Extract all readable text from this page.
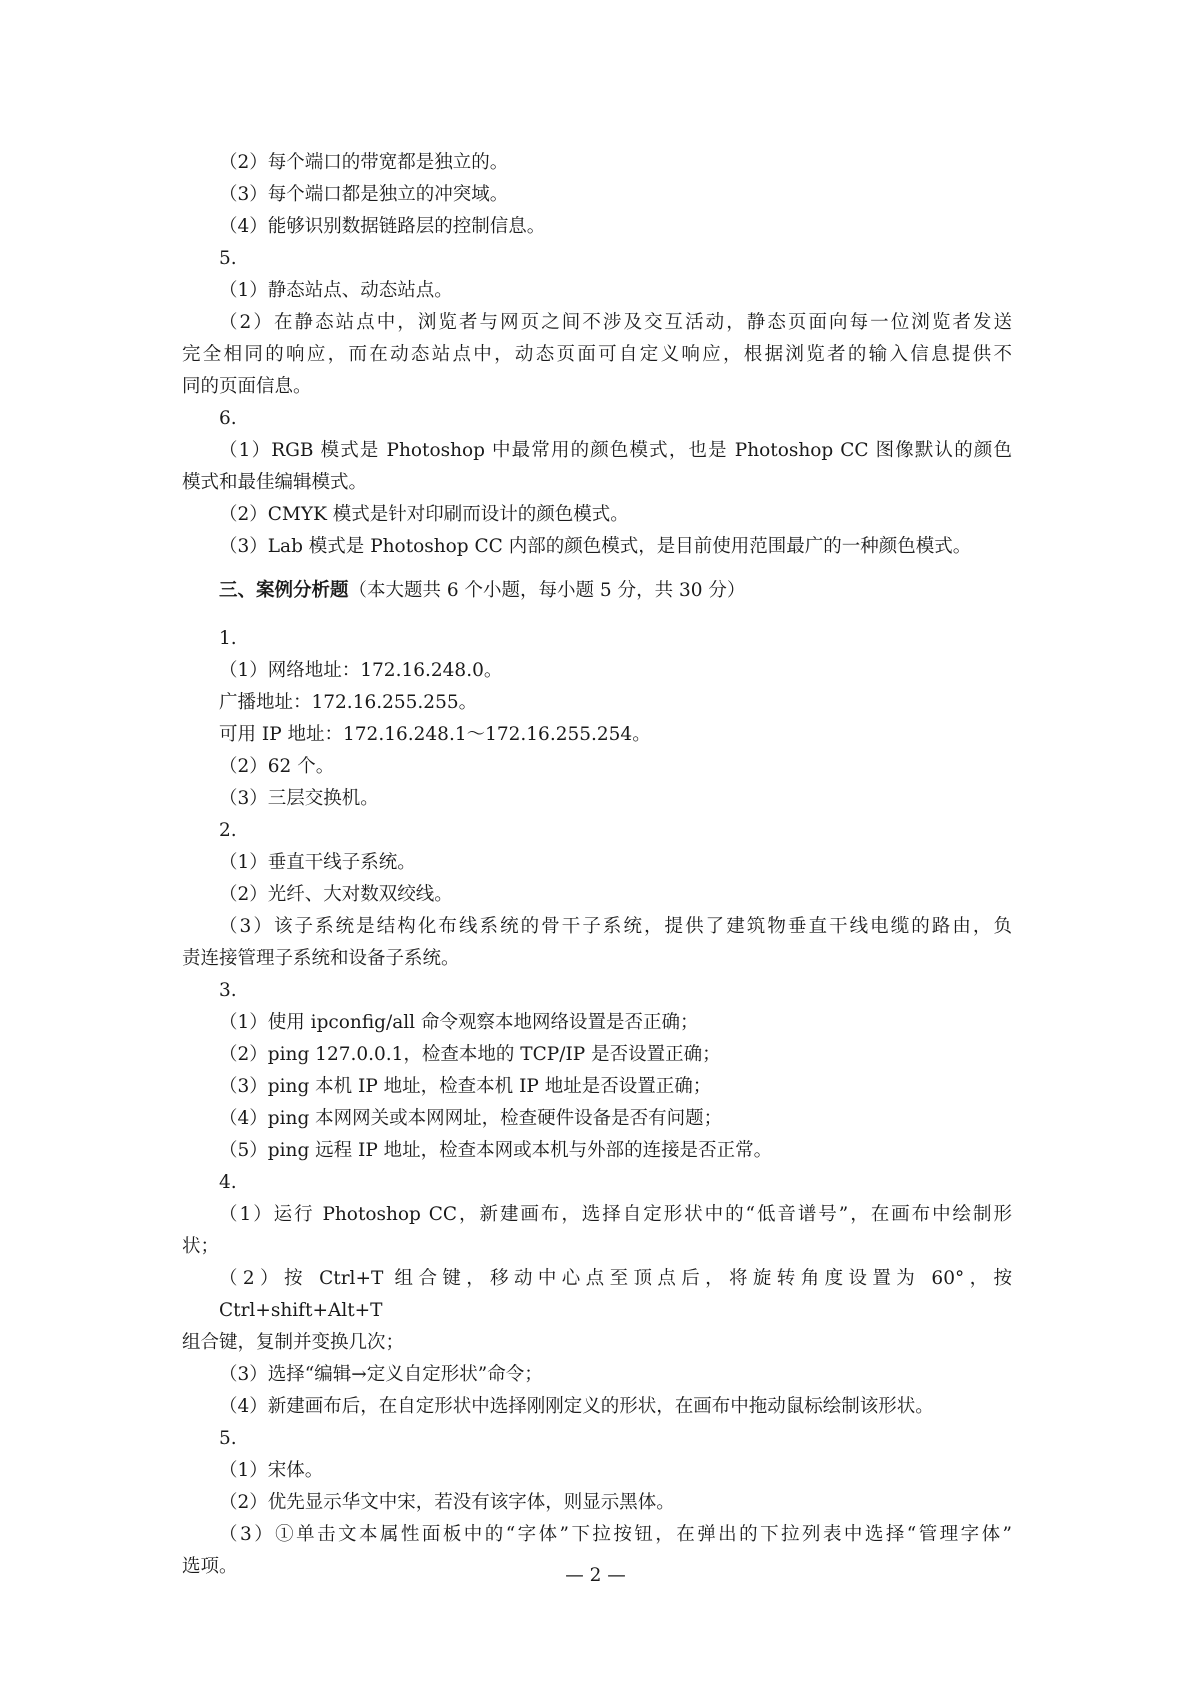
（2）每个端口的带宽都是独立的。

（3）每个端口都是独立的冲突域。

（4）能够识别数据链路层的控制信息。

5.

（1）静态站点、动态站点。

（2）在静态站点中，浏览者与网页之间不涉及交互活动，静态页面向每一位浏览者发送

完全相同的响应，而在动态站点中，动态页面可自定义响应，根据浏览者的输入信息提供不

同的页面信息。

6.

（1）RGB 模式是 Photoshop 中最常用的颜色模式，也是 Photoshop CC 图像默认的颜色

模式和最佳编辑模式。

（2）CMYK 模式是针对印刷而设计的颜色模式。

（3）Lab 模式是 Photoshop CC 内部的颜色模式，是目前使用范围最广的一种颜色模式。

三、案例分析题（本大题共 6 个小题，每小题 5 分，共 30 分）

1.

（1）网络地址：172.16.248.0。

广播地址：172.16.255.255。

可用 IP 地址：172.16.248.1～172.16.255.254。

（2）62 个。

（3）三层交换机。

2.

（1）垂直干线子系统。

（2）光纤、大对数双绞线。

（3）该子系统是结构化布线系统的骨干子系统，提供了建筑物垂直干线电缆的路由，负

责连接管理子系统和设备子系统。

3.

（1）使用 ipconfig/all 命令观察本地网络设置是否正确；

（2）ping 127.0.0.1，检查本地的 TCP/IP 是否设置正确；

（3）ping 本机 IP 地址，检查本机 IP 地址是否设置正确；

（4）ping 本网网关或本网网址，检查硬件设备是否有问题；

（5）ping 远程 IP 地址，检查本网或本机与外部的连接是否正常。

4.

（1）运行 Photoshop CC，新建画布，选择自定形状中的“低音谱号”，在画布中绘制形

状；

（2）按 Ctrl+T 组合键，移动中心点至顶点后，将旋转角度设置为 60°，按 Ctrl+shift+Alt+T

组合键，复制并变换几次；

（3）选择“编辑→定义自定形状”命令；

（4）新建画布后，在自定形状中选择刚刚定义的形状，在画布中拖动鼠标绘制该形状。

5.

（1）宋体。

（2）优先显示华文中宋，若没有该字体，则显示黑体。

（3）①单击文本属性面板中的“字体”下拉按钮，在弹出的下拉列表中选择“管理字体”

选项。	— 2 —
